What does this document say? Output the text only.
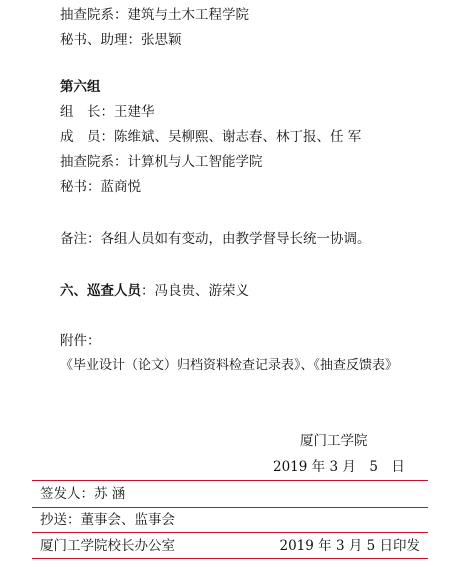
抽查院系：建筑与土木工程学院
秘书、助理：张思颖
第六组
组　长：王建华
成　员：陈维斌、吴柳熙、谢志春、林丁报、任 军
抽查院系：计算机与人工智能学院
秘书：蓝商悦
备注：各组人员如有变动，由教学督导长统一协调。
六、巡查人员：冯良贵、游荣义
附件：
《毕业设计（论文）归档资料检查记录表》、《抽查反馈表》
厦门工学院
2019 年 3 月　5　日
签发人：苏 涵
抄送：董事会、监事会
厦门工学院校长办公室	2019 年 3 月 5 日印发
